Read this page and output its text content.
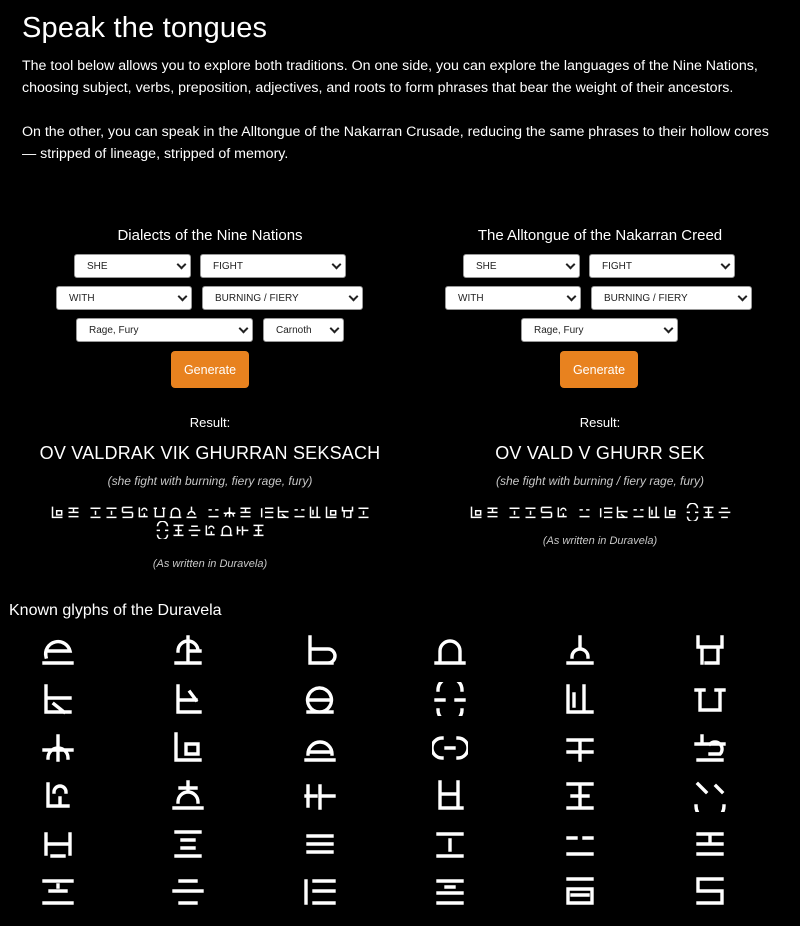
Speak the tongues

The tool below allows you to explore both traditions. On one side, you can explore the languages of the Nine Nations, choosing subject, verbs, preposition, adjectives, and roots to form phrases that bear the weight of their ancestors.

On the other, you can speak in the Alltongue of the Nakarran Crusade, reducing the same phrases to their hollow cores — stripped of lineage, stripped of memory.

Dialects of the Nine Nations
SHE
FIGHT
WITH
BURNING / FIERY
Rage, Fury
Carnoth
Generate
Result:
OV VALDRAK VIK GHURRAN SEKSACH
(she fight with burning, fiery rage, fury)
(As written in Duravela)
The Alltongue of the Nakarran Creed
SHE
FIGHT
WITH
BURNING / FIERY
Rage, Fury
Generate
Result:
OV VALD V GHURR SEK
(she fight with burning / fiery rage, fury)
(As written in Duravela)
Known glyphs of the Duravela
